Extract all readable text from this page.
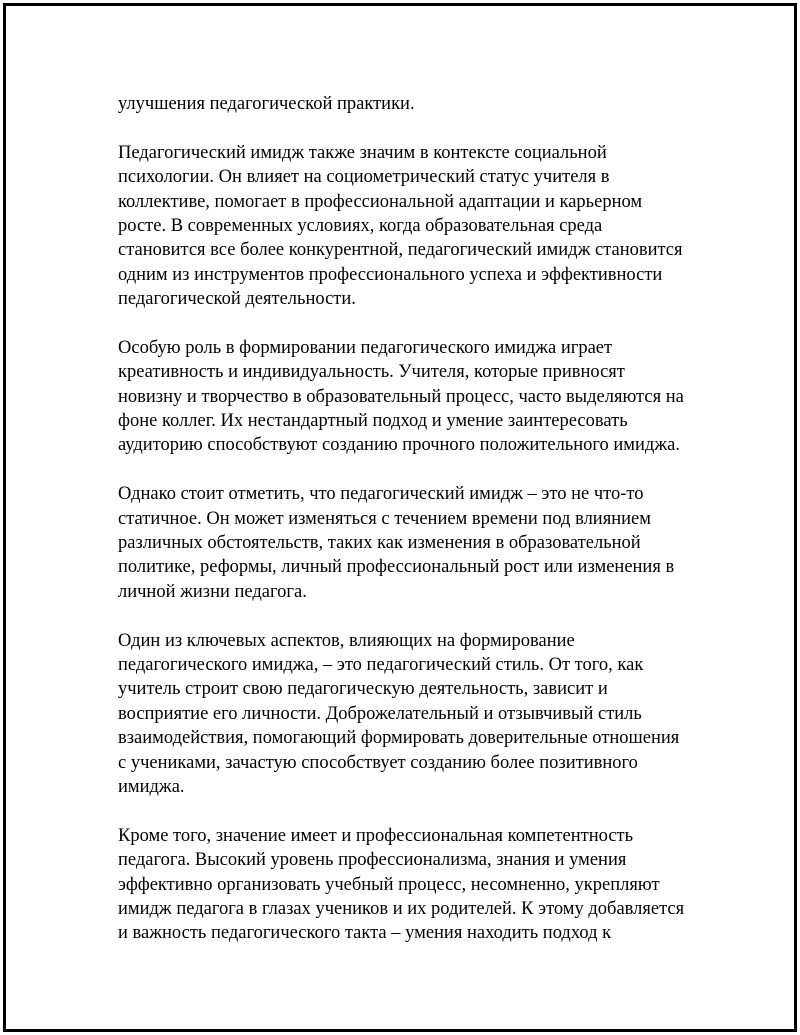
улучшения педагогической практики.
Педагогический имидж также значим в контексте социальной
психологии. Он влияет на социометрический статус учителя в
коллективе, помогает в профессиональной адаптации и карьерном
росте. В современных условиях, когда образовательная среда
становится все более конкурентной, педагогический имидж становится
одним из инструментов профессионального успеха и эффективности
педагогической деятельности.
Особую роль в формировании педагогического имиджа играет
креативность и индивидуальность. Учителя, которые привносят
новизну и творчество в образовательный процесс, часто выделяются на
фоне коллег. Их нестандартный подход и умение заинтересовать
аудиторию способствуют созданию прочного положительного имиджа.
Однако стоит отметить, что педагогический имидж – это не что-то
статичное. Он может изменяться с течением времени под влиянием
различных обстоятельств, таких как изменения в образовательной
политике, реформы, личный профессиональный рост или изменения в
личной жизни педагога.
Один из ключевых аспектов, влияющих на формирование
педагогического имиджа, – это педагогический стиль. От того, как
учитель строит свою педагогическую деятельность, зависит и
восприятие его личности. Доброжелательный и отзывчивый стиль
взаимодействия, помогающий формировать доверительные отношения
с учениками, зачастую способствует созданию более позитивного
имиджа.
Кроме того, значение имеет и профессиональная компетентность
педагога. Высокий уровень профессионализма, знания и умения
эффективно организовать учебный процесс, несомненно, укрепляют
имидж педагога в глазах учеников и их родителей. К этому добавляется
и важность педагогического такта – умения находить подход к
